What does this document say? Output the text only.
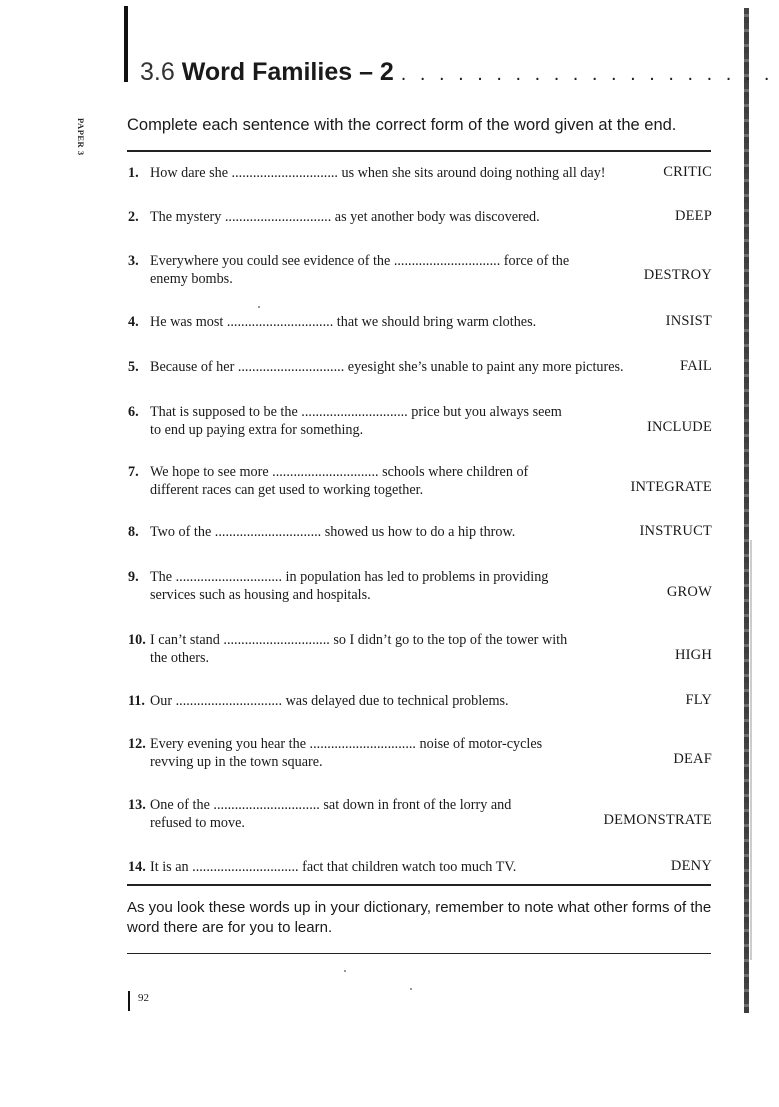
PAPER 3
3.6 Word Families – 2 . . . . . . . . . . . . . . . . . . . .
Complete each sentence with the correct form of the word given at the end.
1. How dare she .............................. us when she sits around doing nothing all day!	CRITIC
2. The mystery .............................. as yet another body was discovered.	DEEP
3. Everywhere you could see evidence of the .............................. force of the
enemy bombs.	DESTROY
4. He was most .............................. that we should bring warm clothes.	INSIST
5. Because of her .............................. eyesight she’s unable to paint any more pictures.	FAIL
6. That is supposed to be the .............................. price but you always seem
to end up paying extra for something.	INCLUDE
7. We hope to see more .............................. schools where children of
different races can get used to working together.	INTEGRATE
8. Two of the .............................. showed us how to do a hip throw.	INSTRUCT
9. The .............................. in population has led to problems in providing
services such as housing and hospitals.	GROW
10. I can’t stand .............................. so I didn’t go to the top of the tower with
the others.	HIGH
11. Our .............................. was delayed due to technical problems.	FLY
12. Every evening you hear the .............................. noise of motor-cycles
revving up in the town square.	DEAF
13. One of the .............................. sat down in front of the lorry and
refused to move.	DEMONSTRATE
14. It is an .............................. fact that children watch too much TV.	DENY
As you look these words up in your dictionary, remember to note what other forms of the word there are for you to learn.
92
